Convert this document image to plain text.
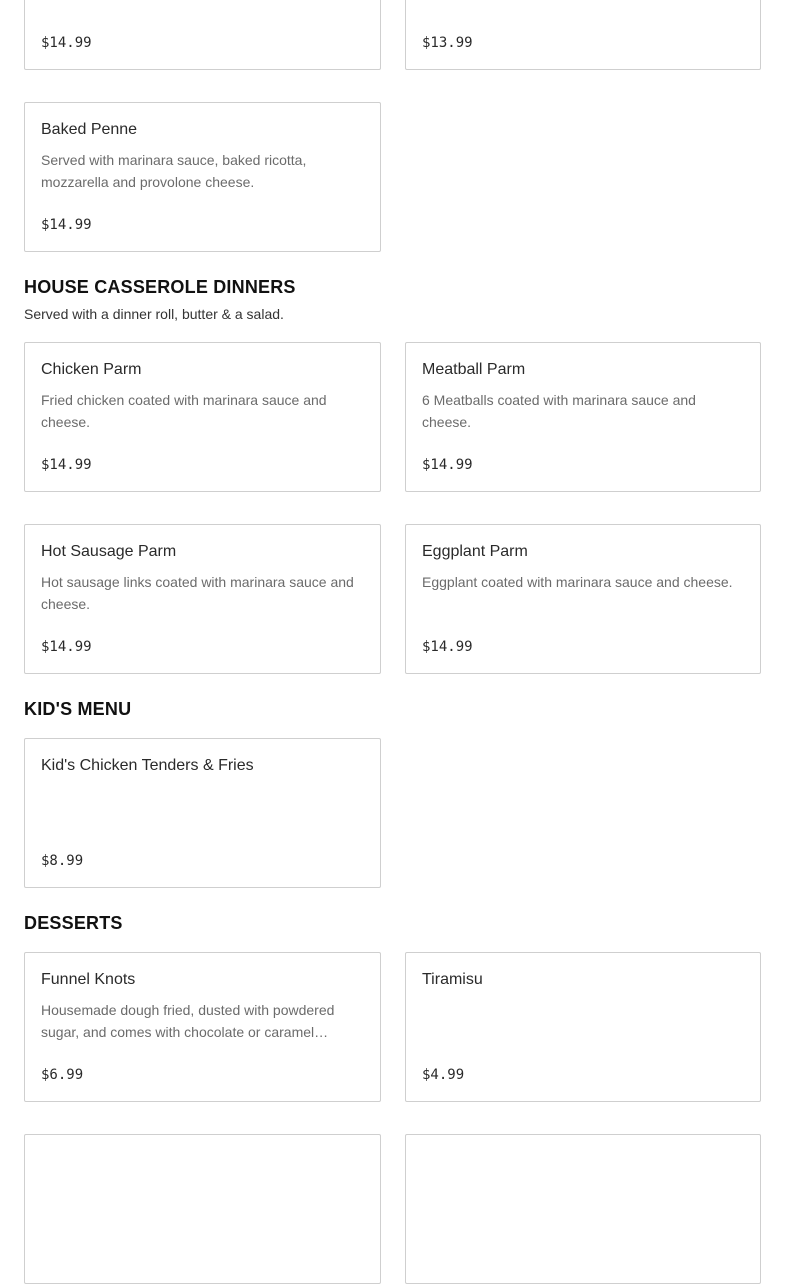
$14.99	$13.99
Baked Penne
Served with marinara sauce, baked ricotta, mozzarella and provolone cheese.
$14.99
HOUSE CASSEROLE DINNERS
Served with a dinner roll, butter & a salad.
Chicken Parm
Fried chicken coated with marinara sauce and cheese.
$14.99
Meatball Parm
6 Meatballs coated with marinara sauce and cheese.
$14.99
Hot Sausage Parm
Hot sausage links coated with marinara sauce and cheese.
$14.99
Eggplant Parm
Eggplant coated with marinara sauce and cheese.
$14.99
KID'S MENU
Kid's Chicken Tenders & Fries
$8.99
DESSERTS
Funnel Knots
Housemade dough fried, dusted with powdered sugar, and comes with chocolate or caramel…
$6.99
Tiramisu
$4.99
